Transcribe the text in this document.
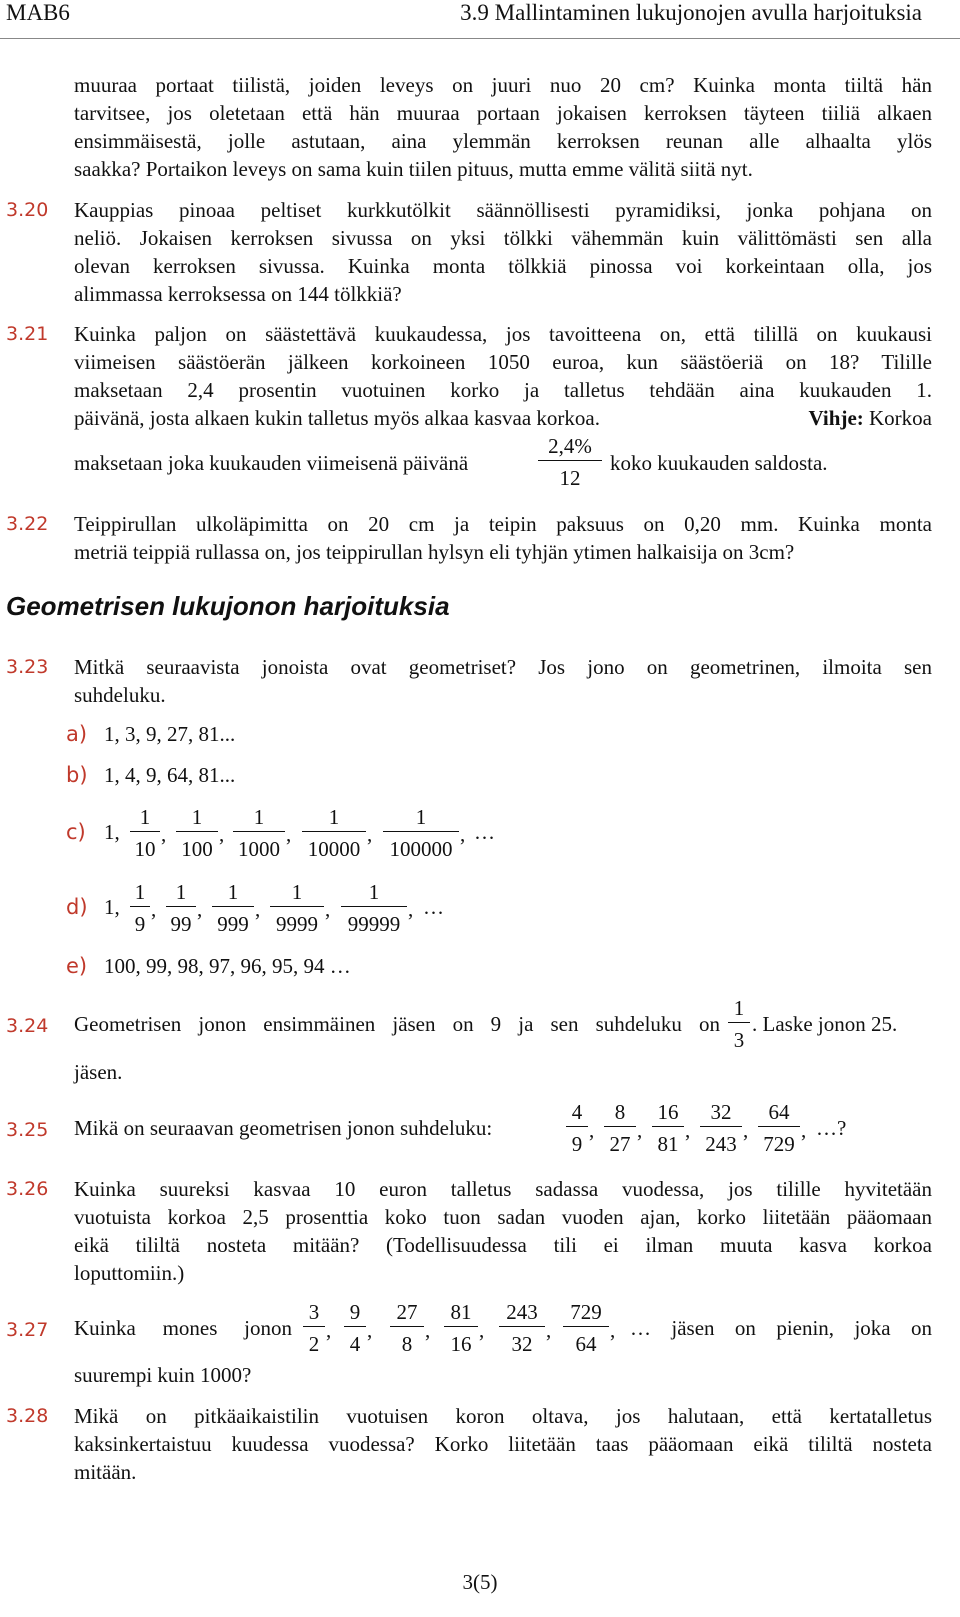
MAB6	3.9 Mallintaminen lukujonojen avulla harjoituksia
muuraa portaat tiilistä, joiden leveys on juuri nuo 20 cm? Kuinka monta tiiltä hän
tarvitsee, jos oletetaan että hän muuraa portaan jokaisen kerroksen täyteen tiiliä alkaen
ensimmäisestä, jolle astutaan, aina ylemmän kerroksen reunan alle alhaalta ylös
saakka? Portaikon leveys on sama kuin tiilen pituus, mutta emme välitä siitä nyt.
3.20 Kauppias pinoaa peltiset kurkkutölkit säännöllisesti pyramidiksi, jonka pohjana on
neliö. Jokaisen kerroksen sivussa on yksi tölkki vähemmän kuin välittömästi sen alla
olevan kerroksen sivussa. Kuinka monta tölkkiä pinossa voi korkeintaan olla, jos
alimmassa kerroksessa on 144 tölkkiä?
3.21 Kuinka paljon on säästettävä kuukaudessa, jos tavoitteena on, että tilillä on kuukausi
viimeisen säästöerän jälkeen korkoineen 1050 euroa, kun säästöeriä on 18? Tilille
maksetaan 2,4 prosentin vuotuinen korko ja talletus tehdään aina kuukauden 1.
päivänä, josta alkaen kukin talletus myös alkaa kasvaa korkoa.	Vihje: Korkoa
maksetaan joka kuukauden viimeisenä päivänä	$\frac{2,4\%}{12}$ koko kuukauden saldosta.
3.22 Teippirullan ulkoläpimitta on 20 cm ja teipin paksuus on 0,20 mm. Kuinka monta
metriä teippiä rullassa on, jos teippirullan hylsyn eli tyhjän ytimen halkaisija on 3cm?
Geometrisen lukujonon harjoituksia
3.23 Mitkä seuraavista jonoista ovat geometriset? Jos jono on geometrinen, ilmoita sen
suhdeluku.
a) 1, 3, 9, 27, 81...
b) 1, 4, 9, 64, 81...
c) 1, $\frac{1}{10}$ , $\frac{1}{100}$ , $\frac{1}{1000}$ , $\frac{1}{10000}$ , $\frac{1}{100000}$ , …
d) 1, $\frac{1}{9}$ , $\frac{1}{99}$ , $\frac{1}{999}$ , $\frac{1}{9999}$ , $\frac{1}{99999}$ , …
e) 100, 99, 98, 97, 96, 95, 94 …
3.24 Geometrisen jonon ensimmäinen jäsen on 9 ja sen suhdeluku on $\frac{1}{3}$ . Laske jonon 25.
jäsen.
3.25 Mikä on seuraavan geometrisen jonon suhdeluku:	$\frac{4}{9}$ , $\frac{8}{27}$ , $\frac{16}{81}$ , $\frac{32}{243}$ , $\frac{64}{729}$ , …?
3.26 Kuinka suureksi kasvaa 10 euron talletus sadassa vuodessa, jos tilille hyvitetään
vuotuista korkoa 2,5 prosenttia koko tuon sadan vuoden ajan, korko liitetään pääomaan
eikä tililtä nosteta mitään? (Todellisuudessa tili ei ilman muuta kasva korkoa
loputtomiin.)
3.27 Kuinka mones jonon $\frac{3}{2}$ , $\frac{9}{4}$ , $\frac{27}{8}$ , $\frac{81}{16}$ , $\frac{243}{32}$ , $\frac{729}{64}$ , … jäsen on pienin, joka on
suurempi kuin 1000?
3.28 Mikä on pitkäaikaistilin vuotuisen koron oltava, jos halutaan, että kertatalletus
kaksinkertaistuu kuudessa vuodessa? Korko liitetään taas pääomaan eikä tililtä nosteta
mitään.
3(5)
